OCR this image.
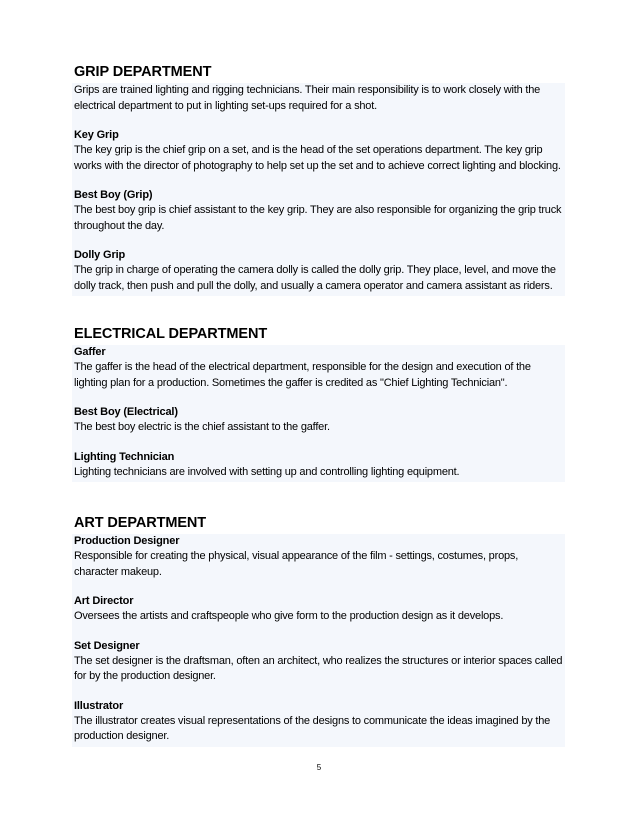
GRIP DEPARTMENT
Grips are trained lighting and rigging technicians. Their main responsibility is to work closely with the electrical department to put in lighting set-ups required for a shot.
Key Grip
The key grip is the chief grip on a set, and is the head of the set operations department. The key grip works with the director of photography to help set up the set and to achieve correct lighting and blocking.
Best Boy (Grip)
The best boy grip is chief assistant to the key grip. They are also responsible for organizing the grip truck throughout the day.
Dolly Grip
The grip in charge of operating the camera dolly is called the dolly grip. They place, level, and move the dolly track, then push and pull the dolly, and usually a camera operator and camera assistant as riders.
ELECTRICAL DEPARTMENT
Gaffer
The gaffer is the head of the electrical department, responsible for the design and execution of the lighting plan for a production. Sometimes the gaffer is credited as "Chief Lighting Technician".
Best Boy (Electrical)
The best boy electric is the chief assistant to the gaffer.
Lighting Technician
Lighting technicians are involved with setting up and controlling lighting equipment.
ART DEPARTMENT
Production Designer
Responsible for creating the physical, visual appearance of the film - settings, costumes, props, character makeup.
Art Director
Oversees the artists and craftspeople who give form to the production design as it develops.
Set Designer
The set designer is the draftsman, often an architect, who realizes the structures or interior spaces called for by the production designer.
Illustrator
The illustrator creates visual representations of the designs to communicate the ideas imagined by the production designer.
5
